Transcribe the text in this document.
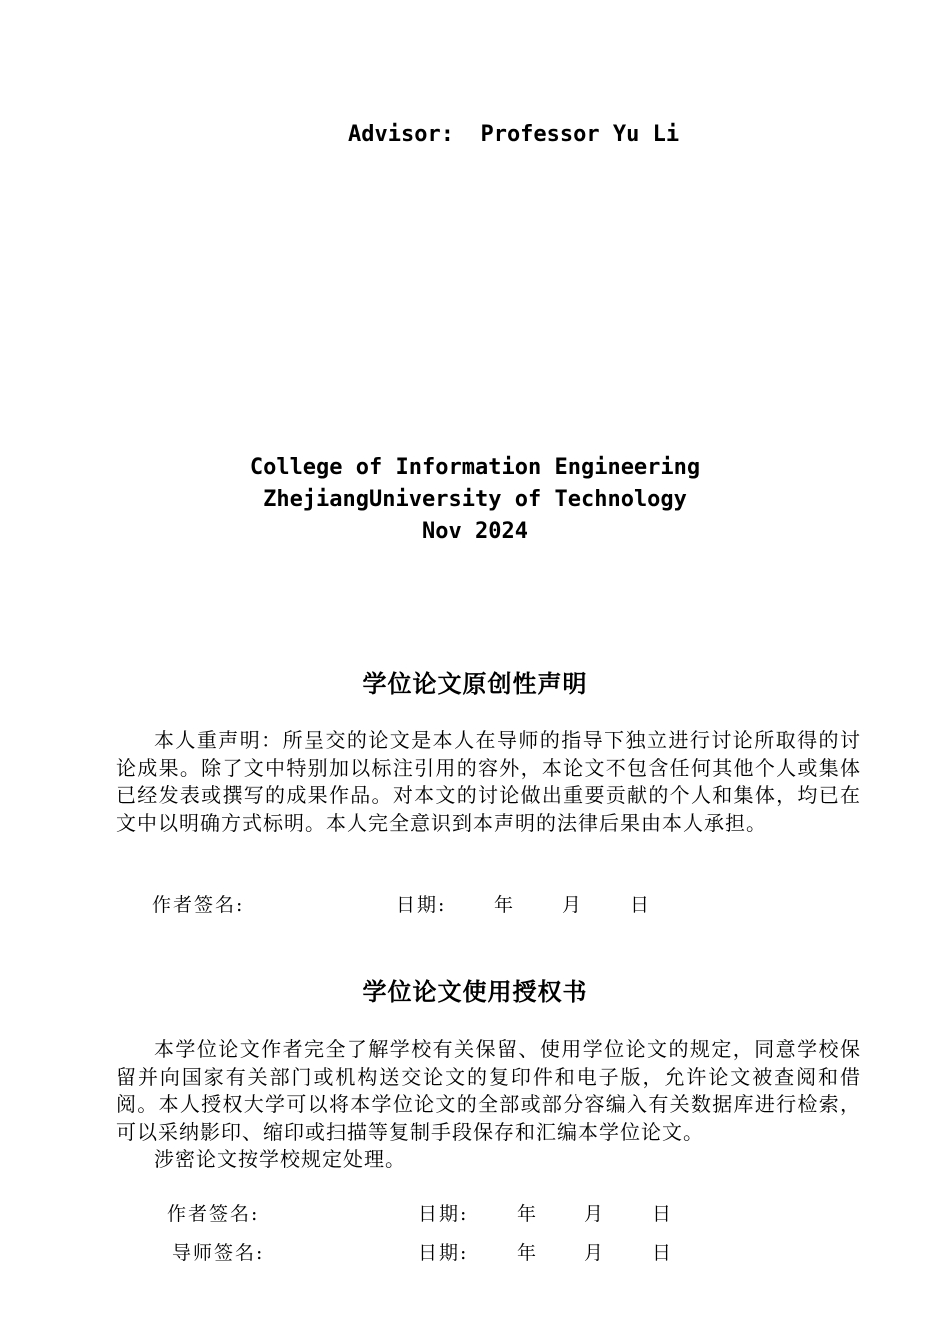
Advisor:  Professor Yu Li
College of Information Engineering
ZhejiangUniversity of Technology
Nov 2024
学位论文原创性声明
本人重声明：所呈交的论文是本人在导师的指导下独立进行讨论所取得的讨论成果。除了文中特别加以标注引用的容外，本论文不包含任何其他个人或集体已经发表或撰写的成果作品。对本文的讨论做出重要贡献的个人和集体，均已在文中以明确方式标明。本人完全意识到本声明的法律后果由本人承担。
作者签名:	日期:	年 月 日
学位论文使用授权书
本学位论文作者完全了解学校有关保留、使用学位论文的规定，同意学校保留并向国家有关部门或机构送交论文的复印件和电子版，允许论文被查阅和借阅。本人授权大学可以将本学位论文的全部或部分容编入有关数据库进行检索，可以采纳影印、缩印或扫描等复制手段保存和汇编本学位论文。
涉密论文按学校规定处理。
作者签名:	日期:	年 月 日
导师签名:	日期:	年 月 日
